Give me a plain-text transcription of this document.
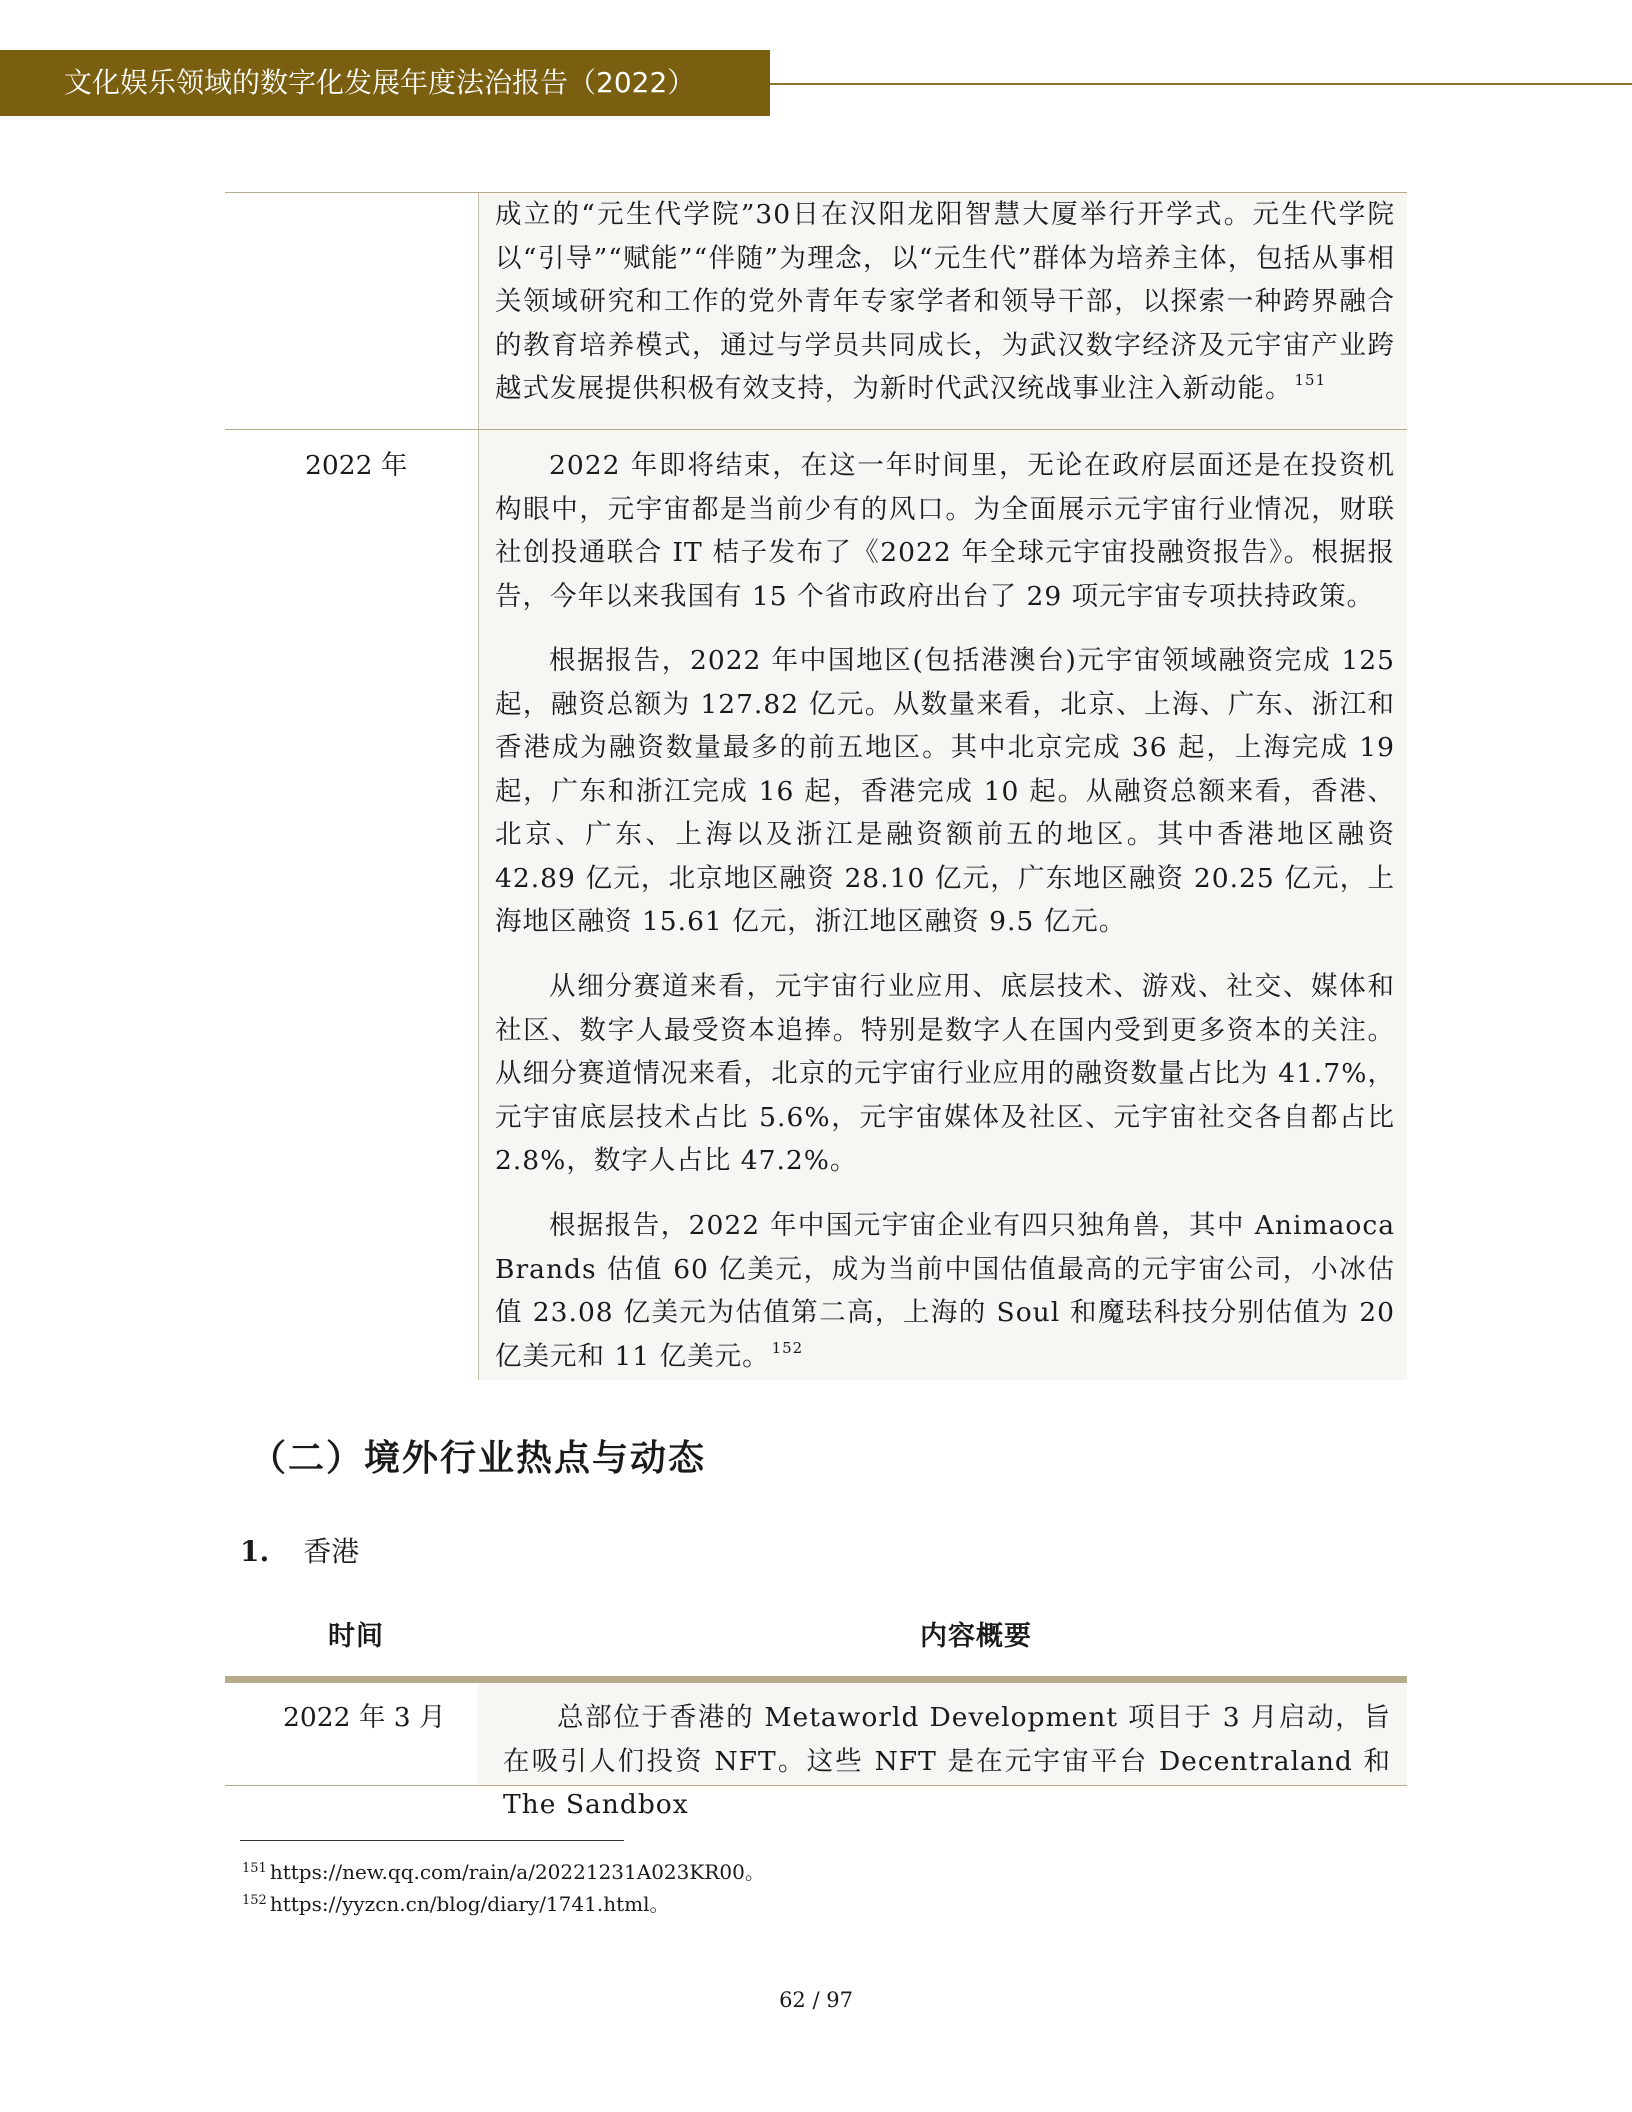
文化娱乐领域的数字化发展年度法治报告（2022）

成立的“元生代学院”30日在汉阳龙阳智慧大厦举行开学式。元生代学院以“引导”“赋能”“伴随”为理念，以“元生代”群体为培养主体，包括从事相关领域研究和工作的党外青年专家学者和领导干部，以探索一种跨界融合的教育培养模式，通过与学员共同成长，为武汉数字经济及元宇宙产业跨越式发展提供积极有效支持，为新时代武汉统战事业注入新动能。 $^{151}$

2022 年	2022 年即将结束，在这一年时间里，无论在政府层面还是在投资机构眼中，元宇宙都是当前少有的风口。为全面展示元宇宙行业情况，财联社创投通联合 IT 桔子发布了《2022 年全球元宇宙投融资报告》。根据报告，今年以来我国有 15 个省市政府出台了 29 项元宇宙专项扶持政策。

根据报告，2022 年中国地区(包括港澳台)元宇宙领域融资完成 125 起，融资总额为 127.82 亿元。从数量来看，北京、上海、广东、浙江和香港成为融资数量最多的前五地区。其中北京完成 36 起，上海完成 19 起，广东和浙江完成 16 起，香港完成 10 起。从融资总额来看，香港、北京、广东、上海以及浙江是融资额前五的地区。其中香港地区融资 42.89 亿元，北京地区融资 28.10 亿元，广东地区融资 20.25 亿元，上海地区融资 15.61 亿元，浙江地区融资 9.5 亿元。

从细分赛道来看，元宇宙行业应用、底层技术、游戏、社交、媒体和社区、数字人最受资本追捧。特别是数字人在国内受到更多资本的关注。从细分赛道情况来看，北京的元宇宙行业应用的融资数量占比为 41.7%，元宇宙底层技术占比 5.6%，元宇宙媒体及社区、元宇宙社交各自都占比 2.8%，数字人占比 47.2%。

根据报告，2022 年中国元宇宙企业有四只独角兽，其中 Animaoca Brands 估值 60 亿美元，成为当前中国估值最高的元宇宙公司，小冰估值 23.08 亿美元为估值第二高，上海的 Soul 和魔珐科技分别估值为 20 亿美元和 11 亿美元。 $^{152}$

（二）境外行业热点与动态
1. 香港
时间	内容概要
2022 年 3 月	总部位于香港的 Metaworld Development 项目于 3 月启动，旨在吸引人们投资 NFT。这些 NFT 是在元宇宙平台 Decentraland 和 The Sandbox

$^{151}$ https://new.qq.com/rain/a/20221231A023KR00。
$^{152}$ https://yyzcn.cn/blog/diary/1741.html。
62 / 97
